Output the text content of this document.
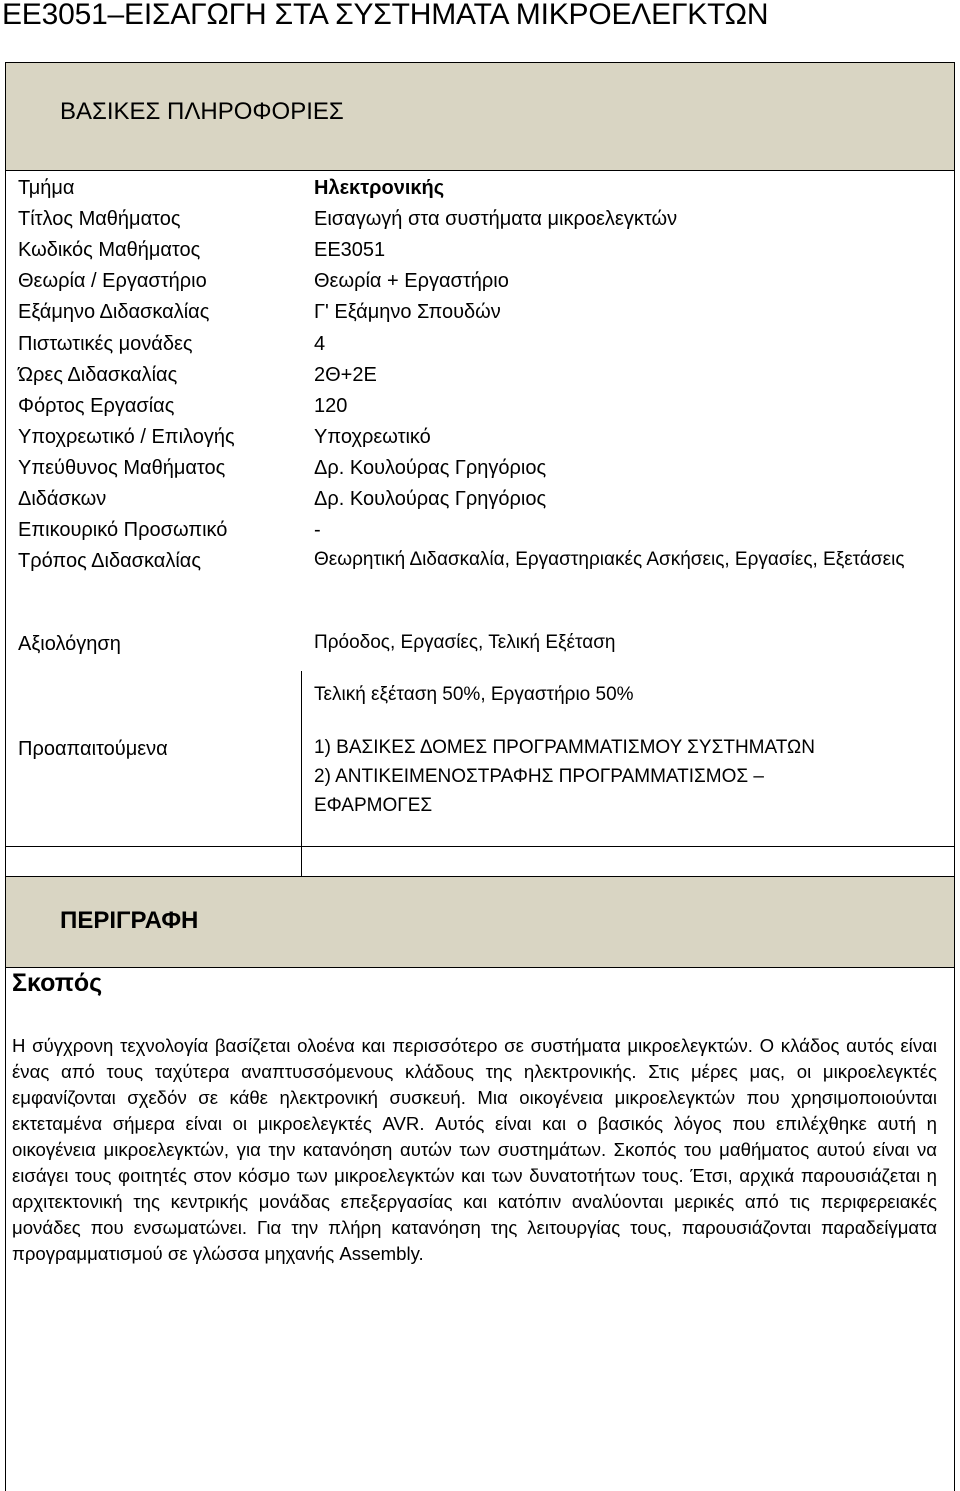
ΕΕ3051–ΕΙΣΑΓΩΓΗ ΣΤΑ ΣΥΣΤΗΜΑΤΑ ΜΙΚΡΟΕΛΕΓΚΤΩΝ
ΒΑΣΙΚΕΣ ΠΛΗΡΟΦΟΡΙΕΣ
Τμήμα	Ηλεκτρονικής
Τίτλος Μαθήματος	Εισαγωγή στα συστήματα μικροελεγκτών
Κωδικός Μαθήματος	ΕΕ3051
Θεωρία / Εργαστήριο	Θεωρία + Εργαστήριο
Εξάμηνο Διδασκαλίας	Γ' Εξάμηνο Σπουδών
Πιστωτικές μονάδες	4
Ώρες Διδασκαλίας	2Θ+2Ε
Φόρτος Εργασίας	120
Υποχρεωτικό / Επιλογής	Υποχρεωτικό
Υπεύθυνος Μαθήματος	Δρ. Κουλούρας Γρηγόριος
Διδάσκων	Δρ. Κουλούρας Γρηγόριος
Επικουρικό Προσωπικό	-
Τρόπος Διδασκαλίας	Θεωρητική Διδασκαλία, Εργαστηριακές Ασκήσεις, Εργασίες, Εξετάσεις
Αξιολόγηση	Πρόοδος, Εργασίες, Τελική Εξέταση
Τελική εξέταση 50%, Εργαστήριο 50%
Προαπαιτούμενα	1) ΒΑΣΙΚΕΣ ΔΟΜΕΣ ΠΡΟΓΡΑΜΜΑΤΙΣΜΟΥ ΣΥΣΤΗΜΑΤΩΝ
2) ΑΝΤΙΚΕΙΜΕΝΟΣΤΡΑΦΗΣ ΠΡΟΓΡΑΜΜΑΤΙΣΜΟΣ –
ΕΦΑΡΜΟΓΕΣ
ΠΕΡΙΓΡΑΦΗ
Σκοπός
Η σύγχρονη τεχνολογία βασίζεται ολοένα και περισσότερο σε συστήματα μικροελεγκτών. Ο κλάδος αυτός είναι ένας από τους ταχύτερα αναπτυσσόμενους κλάδους της ηλεκτρονικής. Στις μέρες μας, οι μικροελεγκτές εμφανίζονται σχεδόν σε κάθε ηλεκτρονική συσκευή. Μια οικογένεια μικροελεγκτών που χρησιμοποιούνται εκτεταμένα σήμερα είναι οι μικροελεγκτές AVR. Αυτός είναι και ο βασικός λόγος που επιλέχθηκε αυτή η οικογένεια μικροελεγκτών, για την κατανόηση αυτών των συστημάτων. Σκοπός του μαθήματος αυτού είναι να εισάγει τους φοιτητές στον κόσμο των μικροελεγκτών και των δυνατοτήτων τους. Έτσι, αρχικά παρουσιάζεται η αρχιτεκτονική της κεντρικής μονάδας επεξεργασίας και κατόπιν αναλύονται μερικές από τις περιφερειακές μονάδες που ενσωματώνει. Για την πλήρη κατανόηση της λειτουργίας τους, παρουσιάζονται παραδείγματα προγραμματισμού σε γλώσσα μηχανής Assembly.
